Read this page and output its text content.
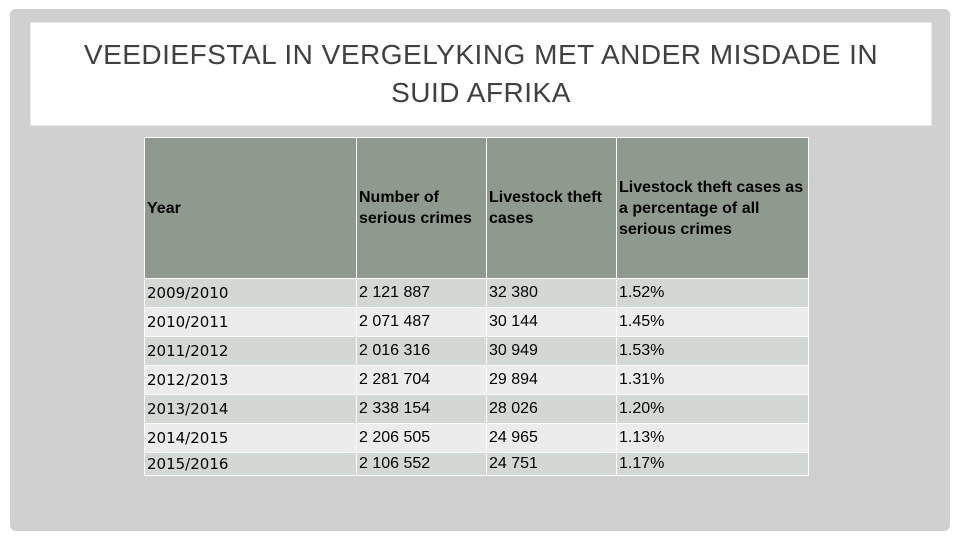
VEEDIEFSTAL IN VERGELYKING MET ANDER MISDADE IN SUID AFRIKA
Year	Number of serious crimes	Livestock theft cases	Livestock theft cases as a percentage of all serious crimes
2009/2010	2 121 887	32 380	1.52%
2010/2011	2 071 487	30 144	1.45%
2011/2012	2 016 316	30 949	1.53%
2012/2013	2 281 704	29 894	1.31%
2013/2014	2 338 154	28 026	1.20%
2014/2015	2 206 505	24 965	1.13%
2015/2016	2 106 552	24 751	1.17%
